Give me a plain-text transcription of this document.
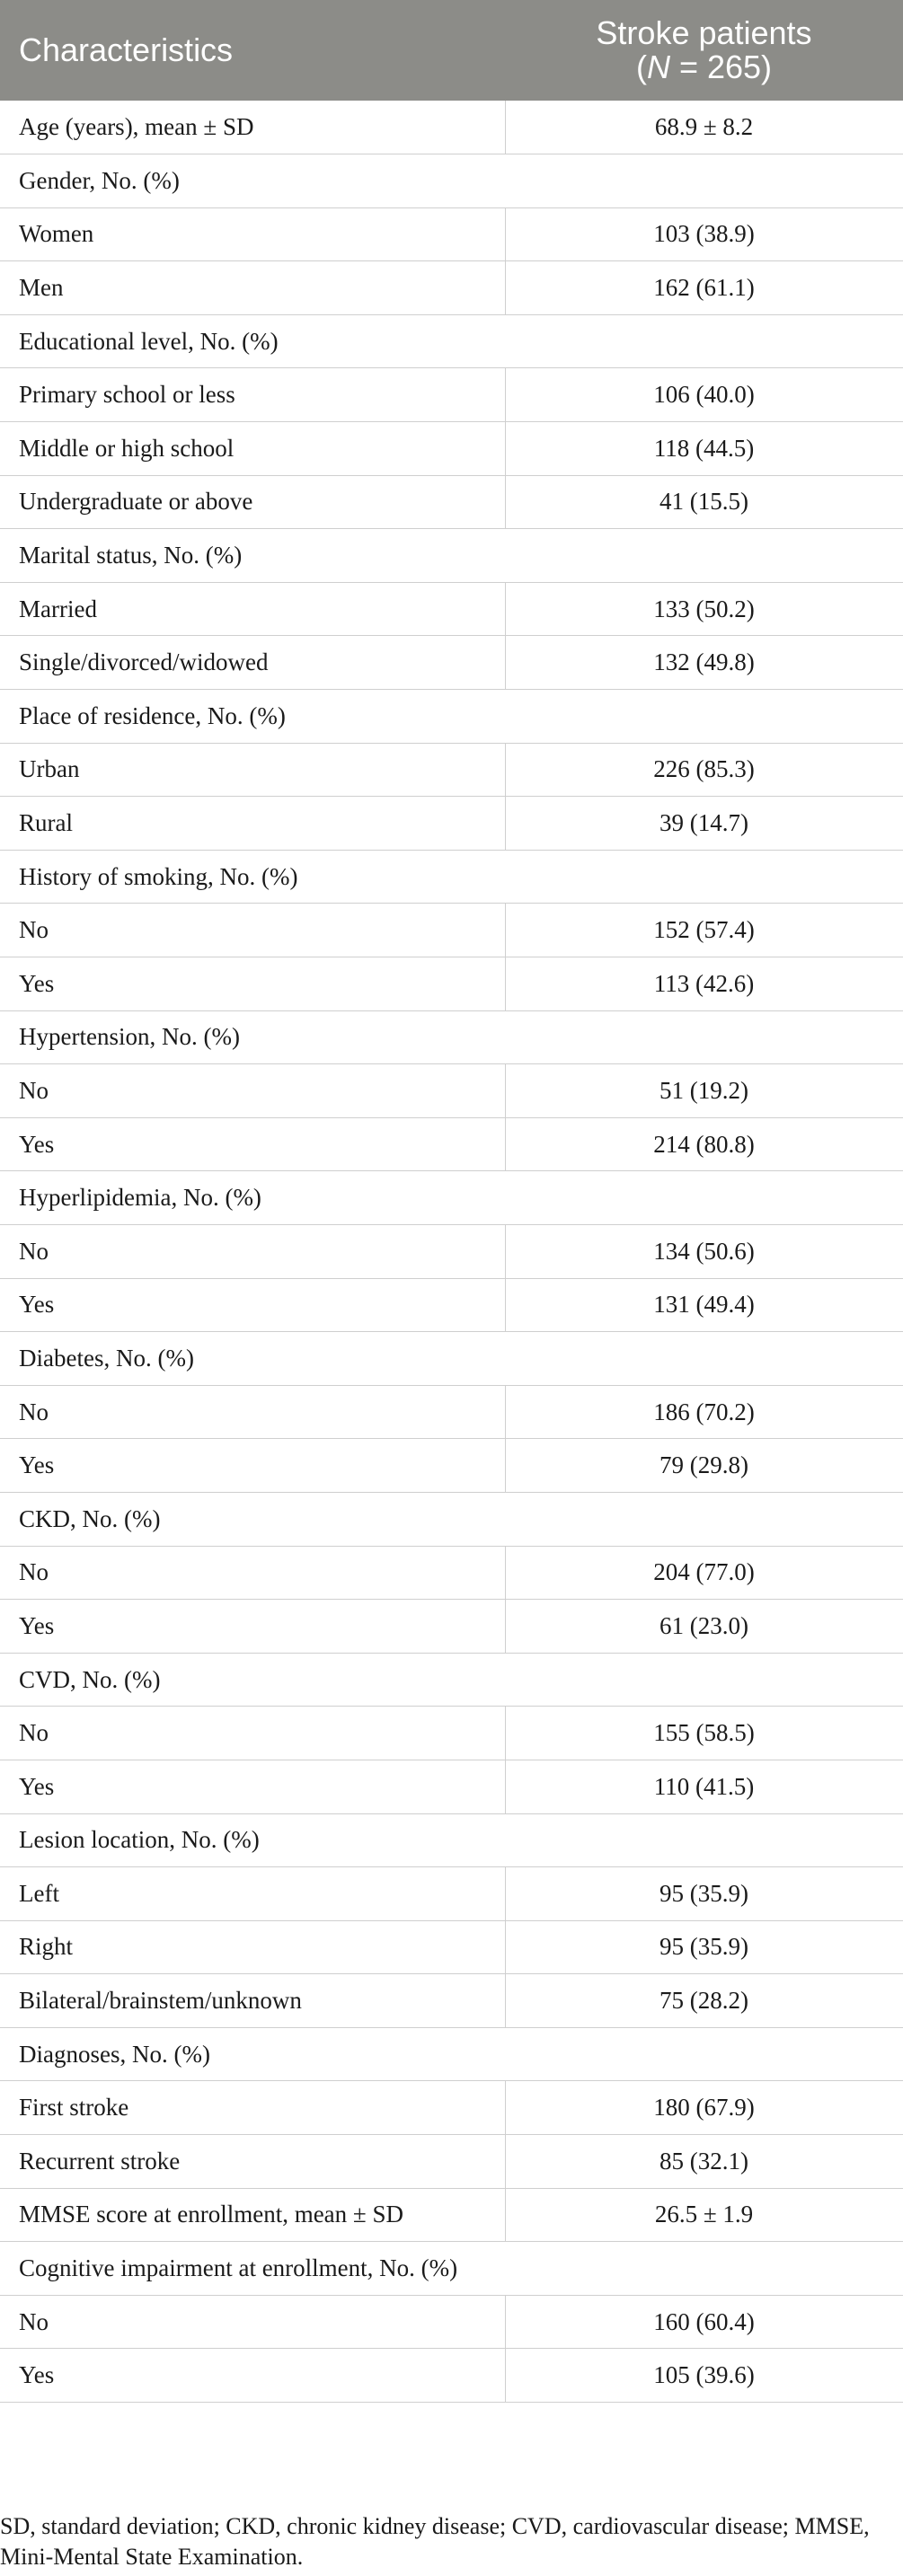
Characteristics	Stroke patients
(N = 265)

Age (years), mean ± SD	68.9 ± 8.2
Gender, No. (%)	
Women	103 (38.9)
Men	162 (61.1)
Educational level, No. (%)	
Primary school or less	106 (40.0)
Middle or high school	118 (44.5)
Undergraduate or above	41 (15.5)
Marital status, No. (%)	
Married	133 (50.2)
Single/divorced/widowed	132 (49.8)
Place of residence, No. (%)	
Urban	226 (85.3)
Rural	39 (14.7)
History of smoking, No. (%)	
No	152 (57.4)
Yes	113 (42.6)
Hypertension, No. (%)	
No	51 (19.2)
Yes	214 (80.8)
Hyperlipidemia, No. (%)	
No	134 (50.6)
Yes	131 (49.4)
Diabetes, No. (%)	
No	186 (70.2)
Yes	79 (29.8)
CKD, No. (%)	
No	204 (77.0)
Yes	61 (23.0)
CVD, No. (%)	
No	155 (58.5)
Yes	110 (41.5)
Lesion location, No. (%)	
Left	95 (35.9)
Right	95 (35.9)
Bilateral/brainstem/unknown	75 (28.2)
Diagnoses, No. (%)	
First stroke	180 (67.9)
Recurrent stroke	85 (32.1)
MMSE score at enrollment, mean ± SD	26.5 ± 1.9
Cognitive impairment at enrollment, No. (%)	
No	160 (60.4)
Yes	105 (39.6)
SD, standard deviation; CKD, chronic kidney disease; CVD, cardiovascular disease; MMSE, Mini-Mental State Examination.
